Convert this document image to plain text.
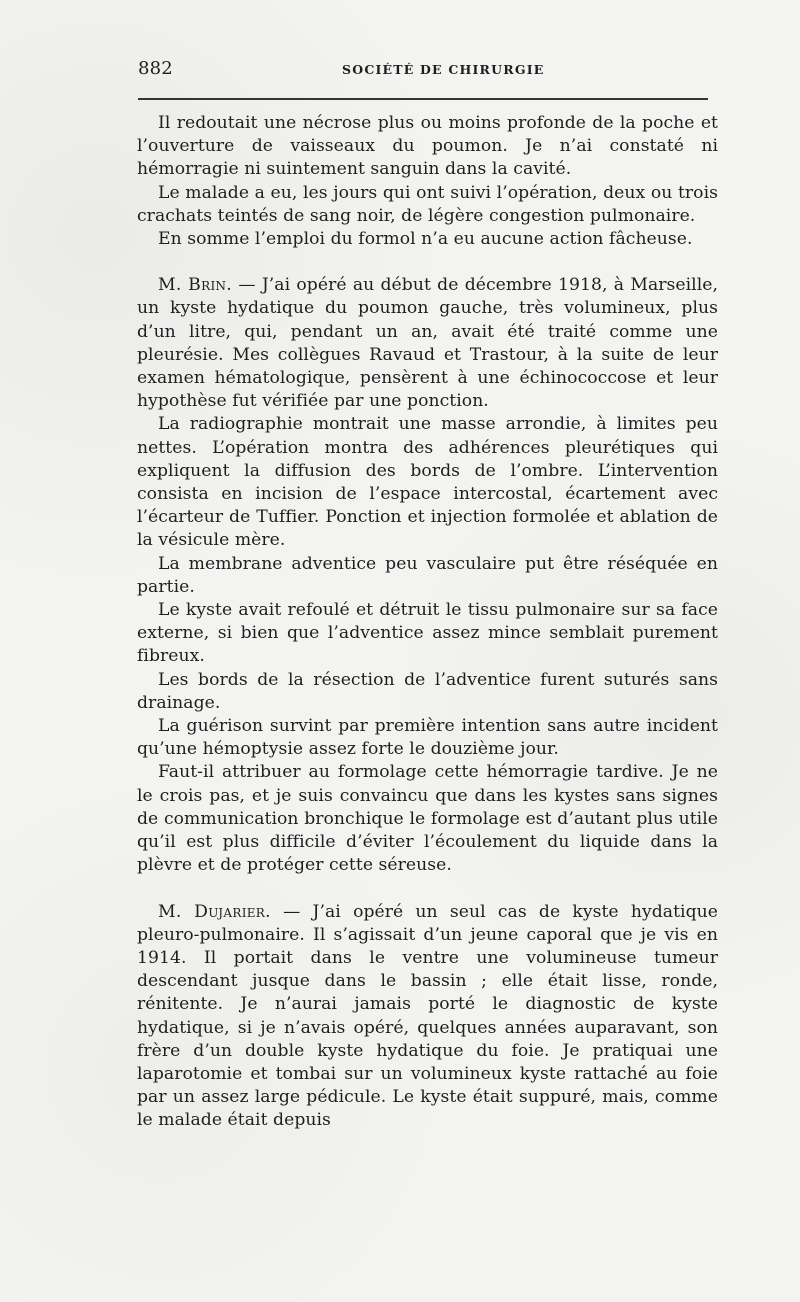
882	SOCIÉTÉ DE CHIRURGIE

Il redoutait une nécrose plus ou moins profonde de la poche et l’ouverture de vaisseaux du poumon. Je n’ai constaté ni hémorragie ni suintement sanguin dans la cavité.

Le malade a eu, les jours qui ont suivi l’opération, deux ou trois crachats teintés de sang noir, de légère congestion pulmonaire.

En somme l’emploi du formol n’a eu aucune action fâcheuse.

M. Brin. — J’ai opéré au début de décembre 1918, à Marseille, un kyste hydatique du poumon gauche, très volumineux, plus d’un litre, qui, pendant un an, avait été traité comme une pleurésie. Mes collègues Ravaud et Trastour, à la suite de leur examen hématologique, pensèrent à une échinococcose et leur hypothèse fut vérifiée par une ponction.

La radiographie montrait une masse arrondie, à limites peu nettes. L’opération montra des adhérences pleurétiques qui expliquent la diffusion des bords de l’ombre. L’intervention consista en incision de l’espace intercostal, écartement avec l’écarteur de Tuffier. Ponction et injection formolée et ablation de la vésicule mère.

La membrane adventice peu vasculaire put être réséquée en partie.

Le kyste avait refoulé et détruit le tissu pulmonaire sur sa face externe, si bien que l’adventice assez mince semblait purement fibreux.

Les bords de la résection de l’adventice furent suturés sans drainage.

La guérison survint par première intention sans autre incident qu’une hémoptysie assez forte le douzième jour.

Faut-il attribuer au formolage cette hémorragie tardive. Je ne le crois pas, et je suis convaincu que dans les kystes sans signes de communication bronchique le formolage est d’autant plus utile qu’il est plus difficile d’éviter l’écoulement du liquide dans la plèvre et de protéger cette séreuse.

M. Dujarier. — J’ai opéré un seul cas de kyste hydatique pleuro-pulmonaire. Il s’agissait d’un jeune caporal que je vis en 1914. Il portait dans le ventre une volumineuse tumeur descendant jusque dans le bassin ; elle était lisse, ronde, rénitente. Je n’aurai jamais porté le diagnostic de kyste hydatique, si je n’avais opéré, quelques années auparavant, son frère d’un double kyste hydatique du foie. Je pratiquai une laparotomie et tombai sur un volumineux kyste rattaché au foie par un assez large pédicule. Le kyste était suppuré, mais, comme le malade était depuis
